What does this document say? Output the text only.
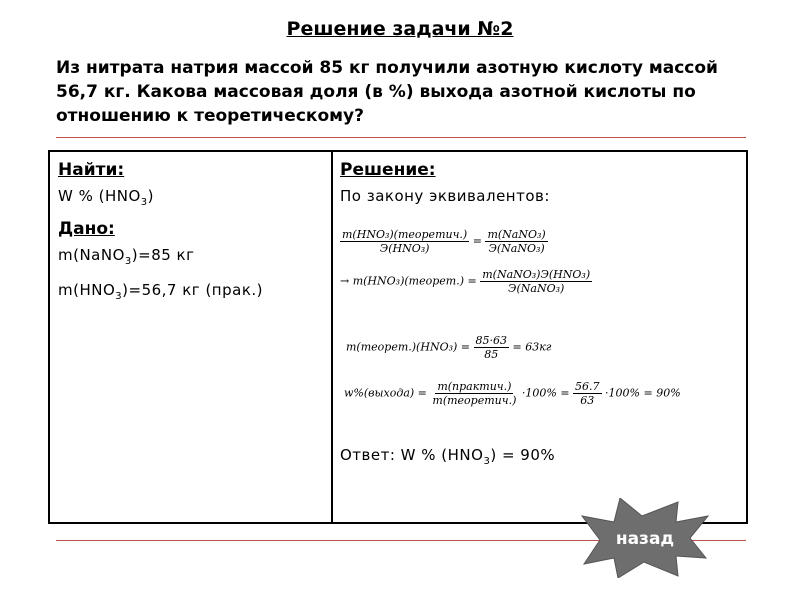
Решение задачи №2
Из нитрата натрия массой 85 кг получили азотную кислоту массой 56,7 кг. Какова массовая доля (в %) выхода азотной кислоты по отношению к теоретическому?
Найти:
W % $(HNO_3)$
Дано:
m(NaNO$_3$)=85 кг
$m(HNO_3)=56,7$ кг (прак.)
Решение:
По закону эквивалентов:
$\frac{\text{m(HNO₃)(теоретич.)}}{\text{Э(HNO₃)}} = \frac{\text{m(NaNO₃)}}{\text{Э(NaNO₃)}}$
→ m(HNO₃)(теорет.) = $\frac{\text{m(NaNO₃)Э(HNO₃)}}{\text{Э(NaNO₃)}}$
m(теорет.)(HNO₃) = $\frac{85\cdot 63}{85} = 63кг$
w%(выхода) = $\frac{\text{m(практич.)}}{\text{m(теоретич.)}} \cdot 100\% = \frac{56.7}{63} \cdot 100\% = 90\%$
Ответ: W % $(HNO_3) = 90\%$
назад
